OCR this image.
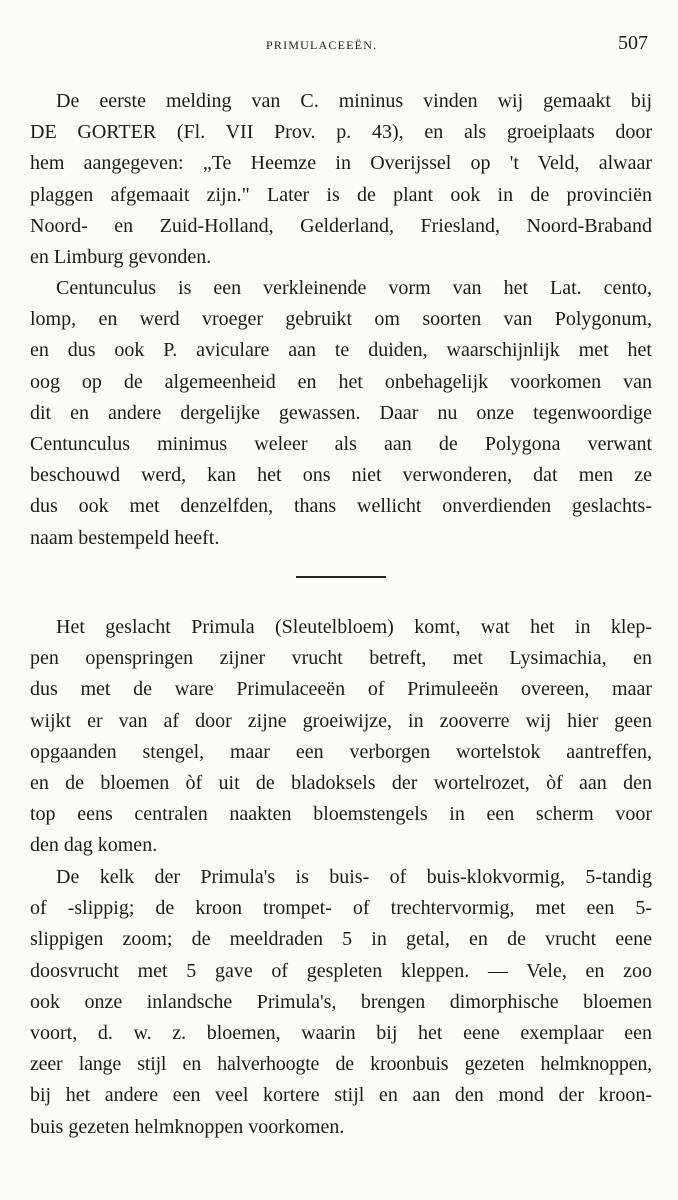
PRIMULACEEËN.	507
De eerste melding van C. mininus vinden wij gemaakt bij
DE GORTER (Fl. VII Prov. p. 43), en als groeiplaats door
hem aangegeven: „Te Heemze in Overijssel op 't Veld, alwaar
plaggen afgemaait zijn." Later is de plant ook in de provinciën
Noord- en Zuid-Holland, Gelderland, Friesland, Noord-Braband
en Limburg gevonden.
Centunculus is een verkleinende vorm van het Lat. cento,
lomp, en werd vroeger gebruikt om soorten van Polygonum,
en dus ook P. aviculare aan te duiden, waarschijnlijk met het
oog op de algemeenheid en het onbehagelijk voorkomen van
dit en andere dergelijke gewassen. Daar nu onze tegenwoordige
Centunculus minimus weleer als aan de Polygona verwant
beschouwd werd, kan het ons niet verwonderen, dat men ze
dus ook met denzelfden, thans wellicht onverdienden geslachts-
naam bestempeld heeft.
Het geslacht Primula (Sleutelbloem) komt, wat het in klep-
pen openspringen zijner vrucht betreft, met Lysimachia, en
dus met de ware Primulaceeën of Primuleeën overeen, maar
wijkt er van af door zijne groeiwijze, in zooverre wij hier geen
opgaanden stengel, maar een verborgen wortelstok aantreffen,
en de bloemen òf uit de bladoksels der wortelrozet, òf aan den
top eens centralen naakten bloemstengels in een scherm voor
den dag komen.
De kelk der Primula's is buis- of buis-klokvormig, 5-tandig
of -slippig; de kroon trompet- of trechtervormig, met een 5-
slippigen zoom; de meeldraden 5 in getal, en de vrucht eene
doosvrucht met 5 gave of gespleten kleppen. — Vele, en zoo
ook onze inlandsche Primula's, brengen dimorphische bloemen
voort, d. w. z. bloemen, waarin bij het eene exemplaar een
zeer lange stijl en halverhoogte de kroonbuis gezeten helmknoppen,
bij het andere een veel kortere stijl en aan den mond der kroon-
buis gezeten helmknoppen voorkomen.
